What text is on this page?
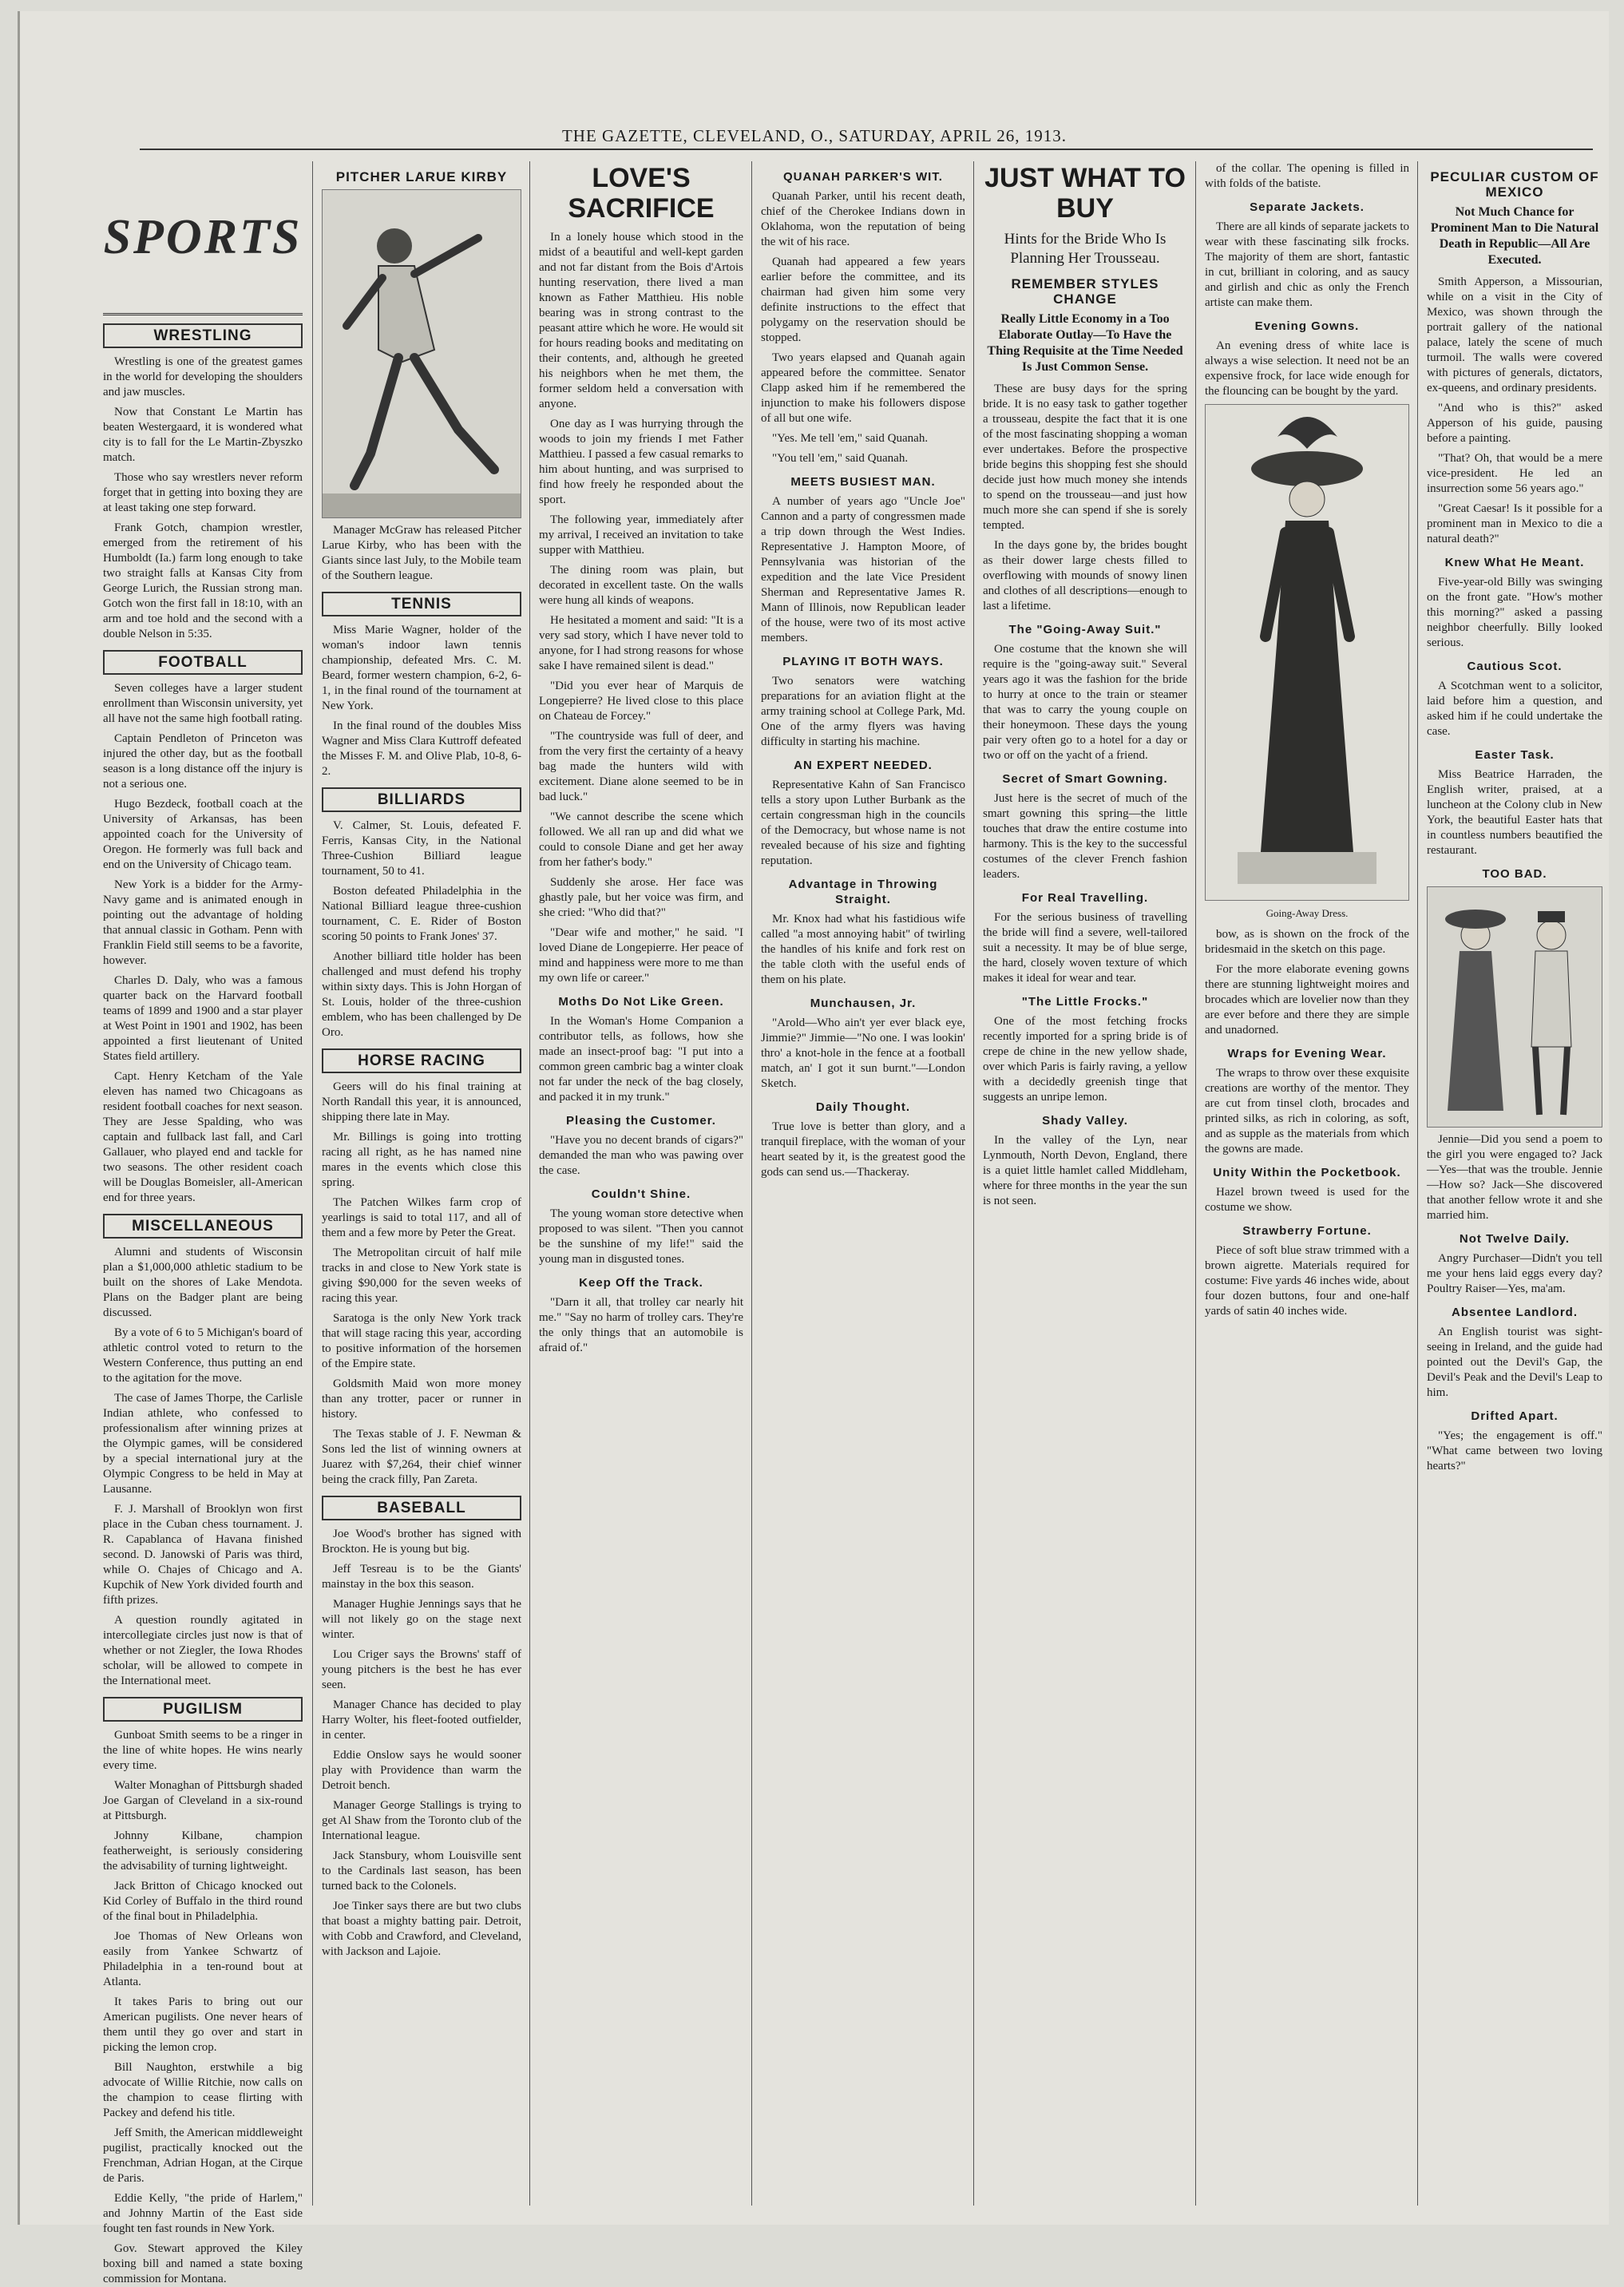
THE GAZETTE, CLEVELAND, O., SATURDAY, APRIL 26, 1913.
SPORTS
WRESTLING

Wrestling is one of the greatest games in the world for developing the shoulders and jaw muscles.

Now that Constant Le Martin has beaten Westergaard, it is wondered what city is to fall for the Le Martin-Zbyszko match.

Those who say wrestlers never reform forget that in getting into boxing they are at least taking one step forward.

Frank Gotch, champion wrestler, emerged from the retirement of his Humboldt (Ia.) farm long enough to take two straight falls at Kansas City from George Lurich, the Russian strong man. Gotch won the first fall in 18:10, with an arm and toe hold and the second with a double Nelson in 5:35.

FOOTBALL

Seven colleges have a larger student enrollment than Wisconsin university, yet all have not the same high football rating.

Captain Pendleton of Princeton was injured the other day, but as the football season is a long distance off the injury is not a serious one.

Hugo Bezdeck, football coach at the University of Arkansas, has been appointed coach for the University of Oregon. He formerly was full back and end on the University of Chicago team.

New York is a bidder for the Army-Navy game and is animated enough in pointing out the advantage of holding that annual classic in Gotham. Penn with Franklin Field still seems to be a favorite, however.

Charles D. Daly, who was a famous quarter back on the Harvard football teams of 1899 and 1900 and a star player at West Point in 1901 and 1902, has been appointed a first lieutenant of United States field artillery.

Capt. Henry Ketcham of the Yale eleven has named two Chicagoans as resident football coaches for next season. They are Jesse Spalding, who was captain and fullback last fall, and Carl Gallauer, who played end and tackle for two seasons. The other resident coach will be Douglas Bomeisler, all-American end for three years.

MISCELLANEOUS

Alumni and students of Wisconsin plan a $1,000,000 athletic stadium to be built on the shores of Lake Mendota. Plans on the Badger plant are being discussed.

By a vote of 6 to 5 Michigan's board of athletic control voted to return to the Western Conference, thus putting an end to the agitation for the move.

The case of James Thorpe, the Carlisle Indian athlete, who confessed to professionalism after winning prizes at the Olympic games, will be considered by a special international jury at the Olympic Congress to be held in May at Lausanne.

F. J. Marshall of Brooklyn won first place in the Cuban chess tournament. J. R. Capablanca of Havana finished second. D. Janowski of Paris was third, while O. Chajes of Chicago and A. Kupchik of New York divided fourth and fifth prizes.

A question roundly agitated in intercollegiate circles just now is that of whether or not Ziegler, the Iowa Rhodes scholar, will be allowed to compete in the International meet.

PUGILISM

Gunboat Smith seems to be a ringer in the line of white hopes. He wins nearly every time.

Walter Monaghan of Pittsburgh shaded Joe Gargan of Cleveland in a six-round at Pittsburgh.

Johnny Kilbane, champion featherweight, is seriously considering the advisability of turning lightweight.

Jack Britton of Chicago knocked out Kid Corley of Buffalo in the third round of the final bout in Philadelphia.

Joe Thomas of New Orleans won easily from Yankee Schwartz of Philadelphia in a ten-round bout at Atlanta.

It takes Paris to bring out our American pugilists. One never hears of them until they go over and start in picking the lemon crop.

Bill Naughton, erstwhile a big advocate of Willie Ritchie, now calls on the champion to cease flirting with Packey and defend his title.

Jeff Smith, the American middleweight pugilist, practically knocked out the Frenchman, Adrian Hogan, at the Cirque de Paris.

Eddie Kelly, "the pride of Harlem," and Johnny Martin of the East side fought ten fast rounds in New York.

Gov. Stewart approved the Kiley boxing bill and named a state boxing commission for Montana.

PITCHER LARUE KIRBY

Manager McGraw has released Pitcher Larue Kirby, who has been with the Giants since last July, to the Mobile team of the Southern league.

TENNIS

Miss Marie Wagner, holder of the woman's indoor lawn tennis championship, defeated Mrs. C. M. Beard, former western champion, 6-2, 6-1, in the final round of the tournament at New York.

In the final round of the doubles Miss Wagner and Miss Clara Kuttroff defeated the Misses F. M. and Olive Plab, 10-8, 6-2.

BILLIARDS

V. Calmer, St. Louis, defeated F. Ferris, Kansas City, in the National Three-Cushion Billiard league tournament, 50 to 41.

Boston defeated Philadelphia in the National Billiard league three-cushion tournament, C. E. Rider of Boston scoring 50 points to Frank Jones' 37.

Another billiard title holder has been challenged and must defend his trophy within sixty days. This is John Horgan of St. Louis, holder of the three-cushion emblem, who has been challenged by De Oro.

HORSE RACING

Geers will do his final training at North Randall this year, it is announced, shipping there late in May.

Mr. Billings is going into trotting racing all right, as he has named nine mares in the events which close this spring.

The Patchen Wilkes farm crop of yearlings is said to total 117, and all of them and a few more by Peter the Great.

The Metropolitan circuit of half mile tracks in and close to New York state is giving $90,000 for the seven weeks of racing this year.

Saratoga is the only New York track that will stage racing this year, according to positive information of the horsemen of the Empire state.

Goldsmith Maid won more money than any trotter, pacer or runner in history.

The Texas stable of J. F. Newman & Sons led the list of winning owners at Juarez with $7,264, their chief winner being the crack filly, Pan Zareta.

BASEBALL

Joe Wood's brother has signed with Brockton. He is young but big.

Jeff Tesreau is to be the Giants' mainstay in the box this season.

Manager Hughie Jennings says that he will not likely go on the stage next winter.

Lou Criger says the Browns' staff of young pitchers is the best he has ever seen.

Manager Chance has decided to play Harry Wolter, his fleet-footed outfielder, in center.

Eddie Onslow says he would sooner play with Providence than warm the Detroit bench.

Manager George Stallings is trying to get Al Shaw from the Toronto club of the International league.

Jack Stansbury, whom Louisville sent to the Cardinals last season, has been turned back to the Colonels.

Joe Tinker says there are but two clubs that boast a mighty batting pair. Detroit, with Cobb and Crawford, and Cleveland, with Jackson and Lajoie.

LOVE'S SACRIFICE

In a lonely house which stood in the midst of a beautiful and well-kept garden and not far distant from the Bois d'Artois hunting reservation, there lived a man known as Father Matthieu. His noble bearing was in strong contrast to the peasant attire which he wore. He would sit for hours reading books and meditating on their contents, and, although he greeted his neighbors when he met them, the former seldom held a conversation with anyone.

One day as I was hurrying through the woods to join my friends I met Father Matthieu. I passed a few casual remarks to him about hunting, and was surprised to find how freely he responded about the sport.

The following year, immediately after my arrival, I received an invitation to take supper with Matthieu.

The dining room was plain, but decorated in excellent taste. On the walls were hung all kinds of weapons.

He hesitated a moment and said: "It is a very sad story, which I have never told to anyone, for I had strong reasons for whose sake I have remained silent is dead."

"Did you ever hear of Marquis de Longepierre? He lived close to this place on Chateau de Forcey."

"The countryside was full of deer, and from the very first the certainty of a heavy bag made the hunters wild with excitement. Diane alone seemed to be in bad luck."

"We cannot describe the scene which followed. We all ran up and did what we could to console Diane and get her away from her father's body."

Suddenly she arose. Her face was ghastly pale, but her voice was firm, and she cried: "Who did that?"

"Dear wife and mother," he said. "I loved Diane de Longepierre. Her peace of mind and happiness were more to me than my own life or career."

Moths Do Not Like Green.

In the Woman's Home Companion a contributor tells, as follows, how she made an insect-proof bag: "I put into a common green cambric bag a winter cloak not far under the neck of the bag closely, and packed it in my trunk."

Pleasing the Customer.

"Have you no decent brands of cigars?" demanded the man who was pawing over the case.

Couldn't Shine.

The young woman store detective when proposed to was silent. "Then you cannot be the sunshine of my life!" said the young man in disgusted tones.

Keep Off the Track.

"Darn it all, that trolley car nearly hit me." "Say no harm of trolley cars. They're the only things that an automobile is afraid of."

QUANAH PARKER'S WIT.

Quanah Parker, until his recent death, chief of the Cherokee Indians down in Oklahoma, won the reputation of being the wit of his race.

Quanah had appeared a few years earlier before the committee, and its chairman had given him some very definite instructions to the effect that polygamy on the reservation should be stopped.

Two years elapsed and Quanah again appeared before the committee. Senator Clapp asked him if he remembered the injunction to make his followers dispose of all but one wife.

"Yes. Me tell 'em," said Quanah.

"You tell 'em," said Quanah.

MEETS BUSIEST MAN.

A number of years ago "Uncle Joe" Cannon and a party of congressmen made a trip down through the West Indies. Representative J. Hampton Moore, of Pennsylvania was historian of the expedition and the late Vice President Sherman and Representative James R. Mann of Illinois, now Republican leader of the house, were two of its most active members.

PLAYING IT BOTH WAYS.

Two senators were watching preparations for an aviation flight at the army training school at College Park, Md. One of the army flyers was having difficulty in starting his machine.

AN EXPERT NEEDED.

Representative Kahn of San Francisco tells a story upon Luther Burbank as the certain congressman high in the councils of the Democracy, but whose name is not revealed because of his size and fighting reputation.

Advantage in Throwing Straight.

Mr. Knox had what his fastidious wife called "a most annoying habit" of twirling the handles of his knife and fork rest on the table cloth with the useful ends of them on his plate.

Munchausen, Jr.

"Arold—Who ain't yer ever black eye, Jimmie?" Jimmie—"No one. I was lookin' thro' a knot-hole in the fence at a football match, an' I got it sun burnt."—London Sketch.

Daily Thought.

True love is better than glory, and a tranquil fireplace, with the woman of your heart seated by it, is the greatest good the gods can send us.—Thackeray.

JUST WHAT TO BUY
Hints for the Bride Who Is Planning Her Trousseau.
REMEMBER STYLES CHANGE
Really Little Economy in a Too Elaborate Outlay—To Have the Thing Requisite at the Time Needed Is Just Common Sense.

These are busy days for the spring bride. It is no easy task to gather together a trousseau, despite the fact that it is one of the most fascinating shopping a woman ever undertakes. Before the prospective bride begins this shopping fest she should decide just how much money she intends to spend on the trousseau—and just how much more she can spend if she is sorely tempted.

In the days gone by, the brides bought as their dower large chests filled to overflowing with mounds of snowy linen and clothes of all descriptions—enough to last a lifetime.

The "Going-Away Suit."

One costume that the known she will require is the "going-away suit." Several years ago it was the fashion for the bride to hurry at once to the train or steamer that was to carry the young couple on their honeymoon. These days the young pair very often go to a hotel for a day or two or off on the yacht of a friend.

Secret of Smart Gowning.

Just here is the secret of much of the smart gowning this spring—the little touches that draw the entire costume into harmony. This is the key to the successful costumes of the clever French fashion leaders.

For Real Travelling.

For the serious business of travelling the bride will find a severe, well-tailored suit a necessity. It may be of blue serge, the hard, closely woven texture of which makes it ideal for wear and tear.

"The Little Frocks."

One of the most fetching frocks recently imported for a spring bride is of crepe de chine in the new yellow shade, over which Paris is fairly raving, a yellow with a decidedly greenish tinge that suggests an unripe lemon.

Shady Valley.

In the valley of the Lyn, near Lynmouth, North Devon, England, there is a quiet little hamlet called Middleham, where for three months in the year the sun is not seen.

of the collar. The opening is filled in with folds of the batiste.

Separate Jackets.

There are all kinds of separate jackets to wear with these fascinating silk frocks. The majority of them are short, fantastic in cut, brilliant in coloring, and as saucy and girlish and chic as only the French artiste can make them.

Evening Gowns.

An evening dress of white lace is always a wise selection. It need not be an expensive frock, for lace wide enough for the flouncing can be bought by the yard.

Going-Away Dress.

bow, as is shown on the frock of the bridesmaid in the sketch on this page.

For the more elaborate evening gowns there are stunning lightweight moires and brocades which are lovelier now than they are ever before and there they are simple and unadorned.

Wraps for Evening Wear.

The wraps to throw over these exquisite creations are worthy of the mentor. They are cut from tinsel cloth, brocades and printed silks, as rich in coloring, as soft, and as supple as the materials from which the gowns are made.

Unity Within the Pocketbook.

Hazel brown tweed is used for the costume we show.

Strawberry Fortune.

Piece of soft blue straw trimmed with a brown aigrette. Materials required for costume: Five yards 46 inches wide, about four dozen buttons, four and one-half yards of satin 40 inches wide.

PECULIAR CUSTOM OF MEXICO
Not Much Chance for Prominent Man to Die Natural Death in Republic—All Are Executed.

Smith Apperson, a Missourian, while on a visit in the City of Mexico, was shown through the portrait gallery of the national palace, lately the scene of much turmoil. The walls were covered with pictures of generals, dictators, ex-queens, and ordinary presidents.

"And who is this?" asked Apperson of his guide, pausing before a painting.

"That? Oh, that would be a mere vice-president. He led an insurrection some 56 years ago."

"Great Caesar! Is it possible for a prominent man in Mexico to die a natural death?"

Knew What He Meant.

Five-year-old Billy was swinging on the front gate. "How's mother this morning?" asked a passing neighbor cheerfully. Billy looked serious.

Cautious Scot.

A Scotchman went to a solicitor, laid before him a question, and asked him if he could undertake the case.

Easter Task.

Miss Beatrice Harraden, the English writer, praised, at a luncheon at the Colony club in New York, the beautiful Easter hats that in countless numbers beautified the restaurant.

TOO BAD.

Jennie—Did you send a poem to the girl you were engaged to? Jack—Yes—that was the trouble. Jennie—How so? Jack—She discovered that another fellow wrote it and she married him.

Not Twelve Daily.

Angry Purchaser—Didn't you tell me your hens laid eggs every day? Poultry Raiser—Yes, ma'am.

Absentee Landlord.

An English tourist was sight-seeing in Ireland, and the guide had pointed out the Devil's Gap, the Devil's Peak and the Devil's Leap to him.

Drifted Apart.

"Yes; the engagement is off." "What came between two loving hearts?"
